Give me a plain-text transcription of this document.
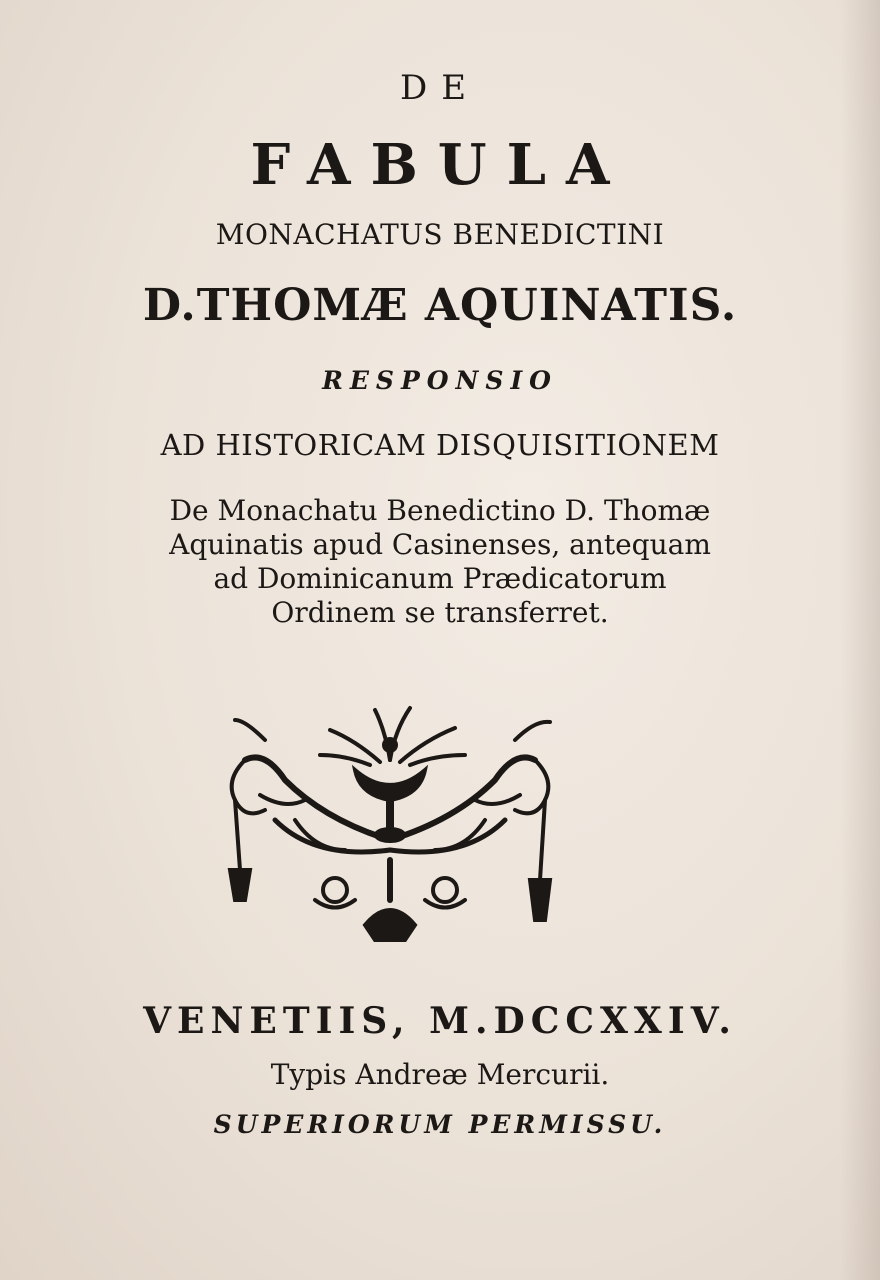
DE
FABULA
MONACHATUS BENEDICTINI
D.THOMÆ AQUINATIS.
RESPONSIO
AD HISTORICAM DISQUISITIONEM
De Monachatu Benedictino D. Thomæ
Aquinatis apud Casinenses, antequam
ad Dominicanum Prædicatorum
Ordinem se transferret.
VENETIIS, M.DCCXXIV.
Typis Andreæ Mercurii.
SUPERIORUM PERMISSU.
